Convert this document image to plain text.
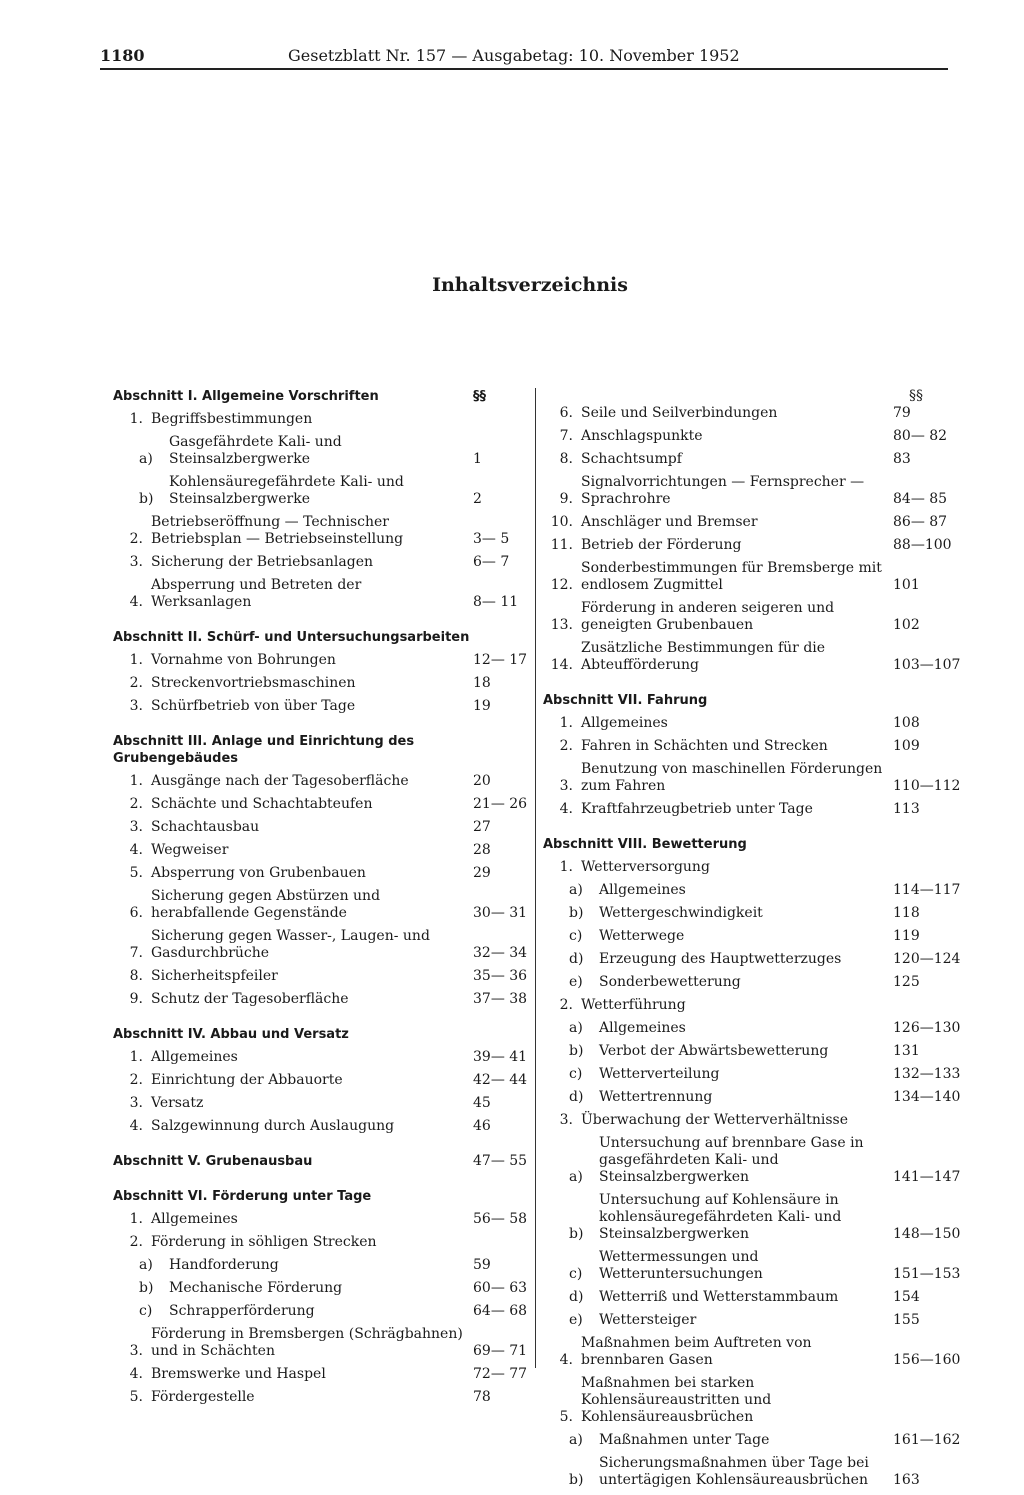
1180	Gesetzblatt Nr. 157 — Ausgabetag: 10. November 1952
Inhaltsverzeichnis
Abschnitt I. Allgemeine Vorschriften	§§
1. Begriffsbestimmungen
a)
Gasgefährdete Kali- und Steinsalzbergwerke	1
b)
Kohlensäuregefährdete Kali- und Steinsalzbergwerke	2
2.
Betriebseröffnung — Technischer Betriebsplan — Betriebseinstellung	3— 5
3. Sicherung der Betriebsanlagen	6— 7
4.
Absperrung und Betreten der Werksanlagen	8— 11
Abschnitt II. Schürf- und Untersuchungsarbeiten
1. Vornahme von Bohrungen	12— 17
2. Streckenvortriebsmaschinen	18
3. Schürfbetrieb von über Tage	19
Abschnitt III. Anlage und Einrichtung des Grubengebäudes
1. Ausgänge nach der Tagesoberfläche	20
2. Schächte und Schachtabteufen	21— 26
3. Schachtausbau	27
4. Wegweiser	28
5. Absperrung von Grubenbauen	29
6.
Sicherung gegen Abstürzen und herabfallende Gegenstände	30— 31
7.
Sicherung gegen Wasser-, Laugen- und Gasdurchbrüche	32— 34
8. Sicherheitspfeiler	35— 36
9. Schutz der Tagesoberfläche	37— 38
Abschnitt IV. Abbau und Versatz
1. Allgemeines	39— 41
2. Einrichtung der Abbauorte	42— 44
3. Versatz	45
4. Salzgewinnung durch Auslaugung	46
Abschnitt V. Grubenausbau	47— 55
Abschnitt VI. Förderung unter Tage
1. Allgemeines	56— 58
2. Förderung in söhligen Strecken
a)	Handforderung	59
b)	Mechanische Förderung	60— 63
c)	Schrapperförderung	64— 68
3.
Förderung in Bremsbergen (Schrägbahnen) und in Schächten	69— 71
4. Bremswerke und Haspel	72— 77
5. Fördergestelle	78
§§
6. Seile und Seilverbindungen	79
7. Anschlagspunkte	80— 82
8. Schachtsumpf	83
9.
Signalvorrichtungen — Fernsprecher — Sprachrohre	84— 85
10. Anschläger und Bremser	86— 87
11. Betrieb der Förderung	88—100
12.
Sonderbestimmungen für Bremsberge mit endlosem Zugmittel	101
13.
Förderung in anderen seigeren und geneigten Grubenbauen	102
14.
Zusätzliche Bestimmungen für die Abteufförderung	103—107
Abschnitt VII. Fahrung
1. Allgemeines	108
2. Fahren in Schächten und Strecken	109
3.
Benutzung von maschinellen Förderungen zum Fahren	110—112
4. Kraftfahrzeugbetrieb unter Tage	113
Abschnitt VIII. Bewetterung
1. Wetterversorgung
a)	Allgemeines	114—117
b)	Wettergeschwindigkeit	118
c)	Wetterwege	119
d)	Erzeugung des Hauptwetterzuges	120—124
e)	Sonderbewetterung	125
2. Wetterführung
a)	Allgemeines	126—130
b)	Verbot der Abwärtsbewetterung	131
c)	Wetterverteilung	132—133
d)	Wettertrennung	134—140
3. Überwachung der Wetterverhältnisse
a)
Untersuchung auf brennbare Gase in gasgefährdeten Kali- und Steinsalzbergwerken	141—147
b)
Untersuchung auf Kohlensäure in kohlensäuregefährdeten Kali- und Steinsalzbergwerken	148—150
c)
Wettermessungen und Wetteruntersuchungen	151—153
d)	Wetterriß und Wetterstammbaum	154
e)	Wettersteiger	155
4.
Maßnahmen beim Auftreten von brennbaren Gasen	156—160
5.
Maßnahmen bei starken Kohlensäureaustritten und Kohlensäureausbrüchen
a)	Maßnahmen unter Tage	161—162
b)
Sicherungsmaßnahmen über Tage bei untertägigen Kohlensäureausbrüchen	163
